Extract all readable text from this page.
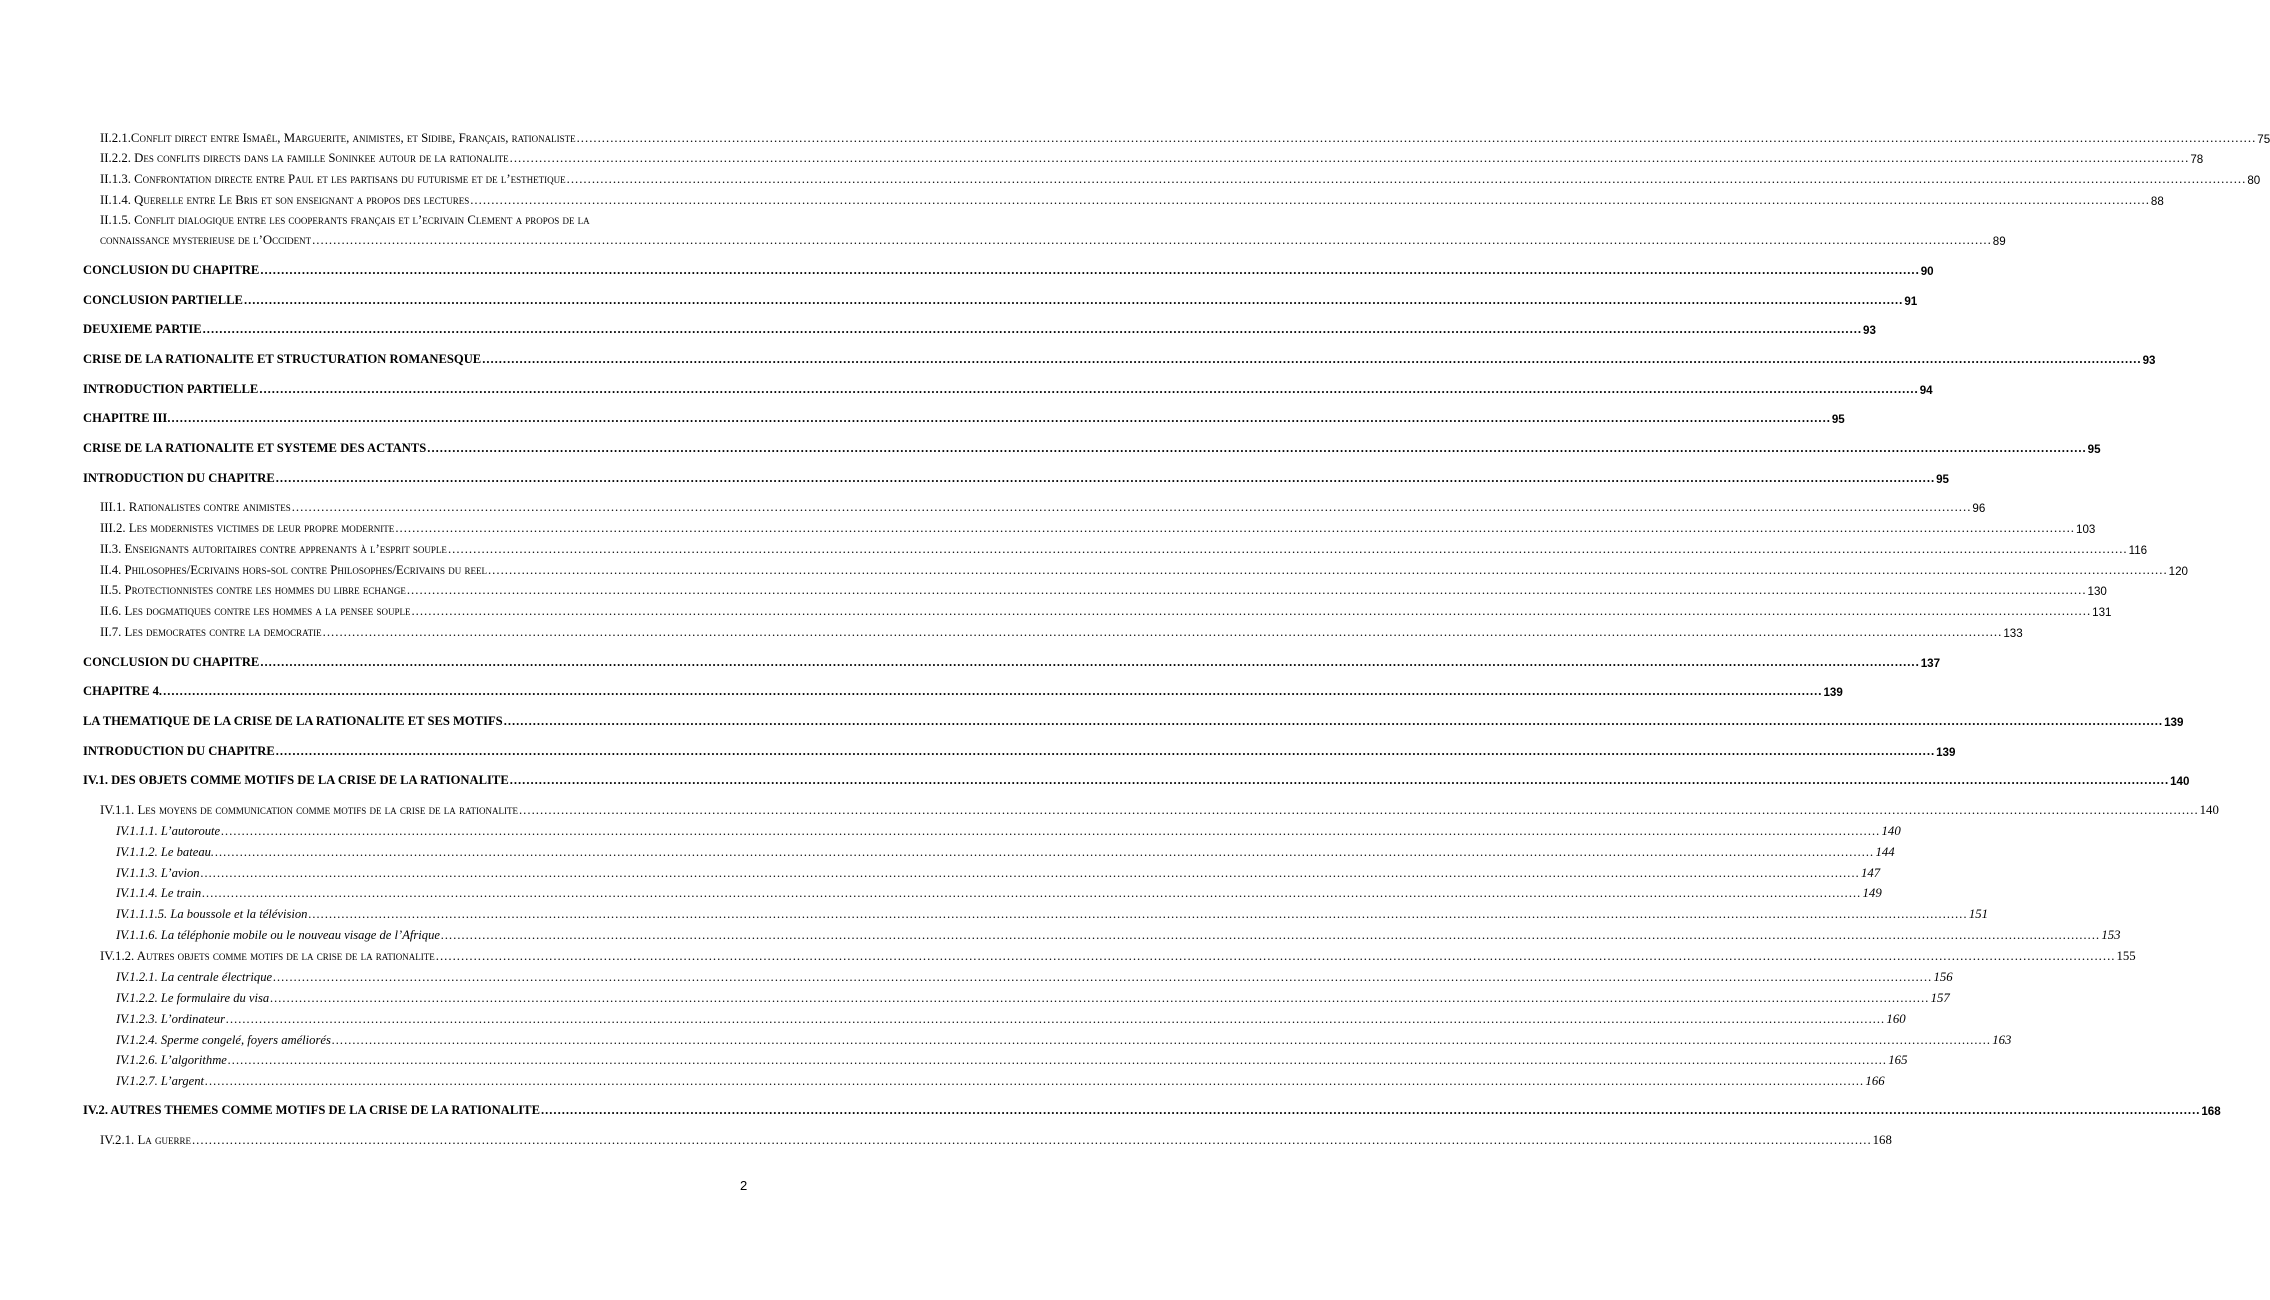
II.2.1.Conflit direct entre Ismaël, Marguerite, animistes, et Sidibe, Français, rationaliste ................................................................................................................................................................................................................................................................................................................................................................................................................ 75
II.2.2. Des conflits directs dans la famille Soninkee autour de la rationalite ................................................................................................................................................................................................................................................................................................................................................................................................................ 78
II.1.3. Confrontation directe entre Paul et les partisans du futurisme et de l’esthetique ................................................................................................................................................................................................................................................................................................................................................................................................................ 80
II.1.4. Querelle entre Le Bris et son enseignant a propos des lectures ................................................................................................................................................................................................................................................................................................................................................................................................................ 88
II.1.5. Conflit dialogique entre les cooperants français et l’ecrivain Clement a propos de la
connaissance mysterieuse de l’Occident ................................................................................................................................................................................................................................................................................................................................................................................................................ 89
CONCLUSION DU CHAPITRE ................................................................................................................................................................................................................................................................................................................................................................................................................ 90
CONCLUSION PARTIELLE ................................................................................................................................................................................................................................................................................................................................................................................................................ 91
DEUXIEME PARTIE ................................................................................................................................................................................................................................................................................................................................................................................................................ 93
CRISE DE LA RATIONALITE ET STRUCTURATION ROMANESQUE ................................................................................................................................................................................................................................................................................................................................................................................................................ 93
INTRODUCTION PARTIELLE ................................................................................................................................................................................................................................................................................................................................................................................................................ 94
CHAPITRE III. ................................................................................................................................................................................................................................................................................................................................................................................................................ 95
CRISE DE LA RATIONALITE ET SYSTEME DES ACTANTS ................................................................................................................................................................................................................................................................................................................................................................................................................ 95
INTRODUCTION DU CHAPITRE ................................................................................................................................................................................................................................................................................................................................................................................................................ 95
III.1. Rationalistes contre animistes ................................................................................................................................................................................................................................................................................................................................................................................................................ 96
III.2. Les modernistes victimes de leur propre modernite ................................................................................................................................................................................................................................................................................................................................................................................................................ 103
II.3. Enseignants autoritaires contre apprenants à l’esprit souple ................................................................................................................................................................................................................................................................................................................................................................................................................ 116
II.4. Philosophes/Ecrivains hors-sol contre Philosophes/Ecrivains du reel ................................................................................................................................................................................................................................................................................................................................................................................................................ 120
II.5. Protectionnistes contre les hommes du libre echange ................................................................................................................................................................................................................................................................................................................................................................................................................ 130
II.6. Les dogmatiques contre les hommes a la pensee souple ................................................................................................................................................................................................................................................................................................................................................................................................................ 131
II.7. Les democrates contre la democratie ................................................................................................................................................................................................................................................................................................................................................................................................................ 133
CONCLUSION DU CHAPITRE ................................................................................................................................................................................................................................................................................................................................................................................................................ 137
CHAPITRE 4. ................................................................................................................................................................................................................................................................................................................................................................................................................ 139
LA THEMATIQUE DE LA CRISE DE LA RATIONALITE ET SES MOTIFS ................................................................................................................................................................................................................................................................................................................................................................................................................ 139
INTRODUCTION DU CHAPITRE ................................................................................................................................................................................................................................................................................................................................................................................................................ 139
IV.1. DES OBJETS COMME MOTIFS DE LA CRISE DE LA RATIONALITE ................................................................................................................................................................................................................................................................................................................................................................................................................ 140
IV.1.1. Les moyens de communication comme motifs de la crise de la rationalite ................................................................................................................................................................................................................................................................................................................................................................................................................ 140
IV.1.1.1. L’autoroute ................................................................................................................................................................................................................................................................................................................................................................................................................ 140
IV.1.1.2. Le bateau. ................................................................................................................................................................................................................................................................................................................................................................................................................ 144
IV.1.1.3. L’avion ................................................................................................................................................................................................................................................................................................................................................................................................................ 147
IV.1.1.4. Le train ................................................................................................................................................................................................................................................................................................................................................................................................................ 149
IV.1.1.1.5. La boussole et la télévision ................................................................................................................................................................................................................................................................................................................................................................................................................ 151
IV.1.1.6. La téléphonie mobile ou le nouveau visage de l’Afrique ................................................................................................................................................................................................................................................................................................................................................................................................................ 153
IV.1.2. Autres objets comme motifs de la crise de la rationalite ................................................................................................................................................................................................................................................................................................................................................................................................................ 155
IV.1.2.1. La centrale électrique ................................................................................................................................................................................................................................................................................................................................................................................................................ 156
IV.1.2.2. Le formulaire du visa ................................................................................................................................................................................................................................................................................................................................................................................................................ 157
IV.1.2.3. L’ordinateur ................................................................................................................................................................................................................................................................................................................................................................................................................ 160
IV.1.2.4. Sperme congelé, foyers améliorés ................................................................................................................................................................................................................................................................................................................................................................................................................ 163
IV.1.2.6. L’algorithme ................................................................................................................................................................................................................................................................................................................................................................................................................ 165
IV.1.2.7. L’argent ................................................................................................................................................................................................................................................................................................................................................................................................................ 166
IV.2. AUTRES THEMES COMME MOTIFS DE LA CRISE DE LA RATIONALITE ................................................................................................................................................................................................................................................................................................................................................................................................................ 168
IV.2.1. La guerre ................................................................................................................................................................................................................................................................................................................................................................................................................ 168
2
